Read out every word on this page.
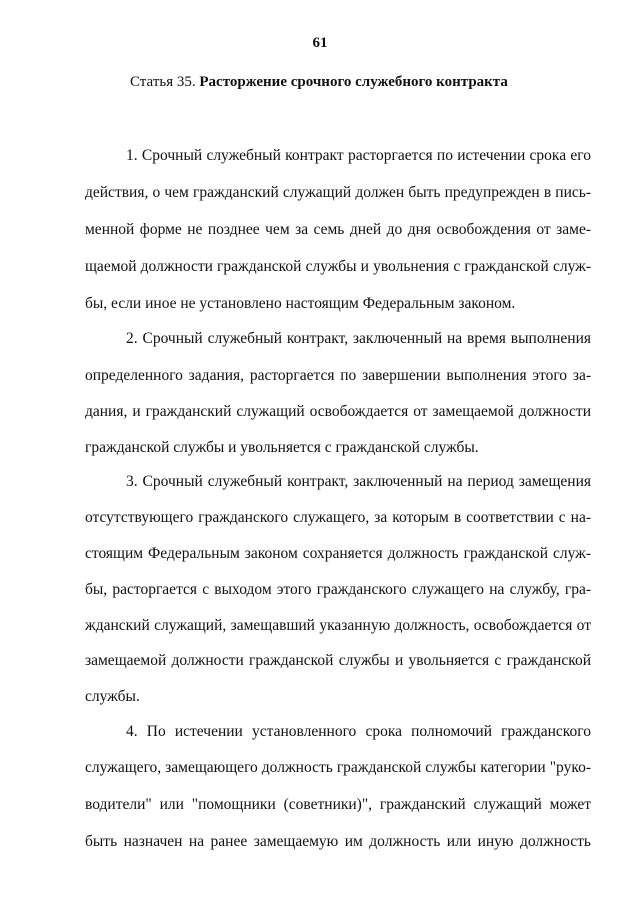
61
Статья 35. Расторжение срочного служебного контракта
1. Срочный служебный контракт расторгается по истечении срока его
действия, о чем гражданский служащий должен быть предупрежден в пись-
менной форме не позднее чем за семь дней до дня освобождения от заме-
щаемой должности гражданской службы и увольнения с гражданской служ-
бы, если иное не установлено настоящим Федеральным законом.
2. Срочный служебный контракт, заключенный на время выполнения
определенного задания, расторгается по завершении выполнения этого за-
дания, и гражданский служащий освобождается от замещаемой должности
гражданской службы и увольняется с гражданской службы.
3. Срочный служебный контракт, заключенный на период замещения
отсутствующего гражданского служащего, за которым в соответствии с на-
стоящим Федеральным законом сохраняется должность гражданской служ-
бы, расторгается с выходом этого гражданского служащего на службу, гра-
жданский служащий, замещавший указанную должность, освобождается от
замещаемой должности гражданской службы и увольняется с гражданской
службы.
4. По истечении установленного срока полномочий гражданского
служащего, замещающего должность гражданской службы категории "руко-
водители" или "помощники (советники)", гражданский служащий может
быть назначен на ранее замещаемую им должность или иную должность
